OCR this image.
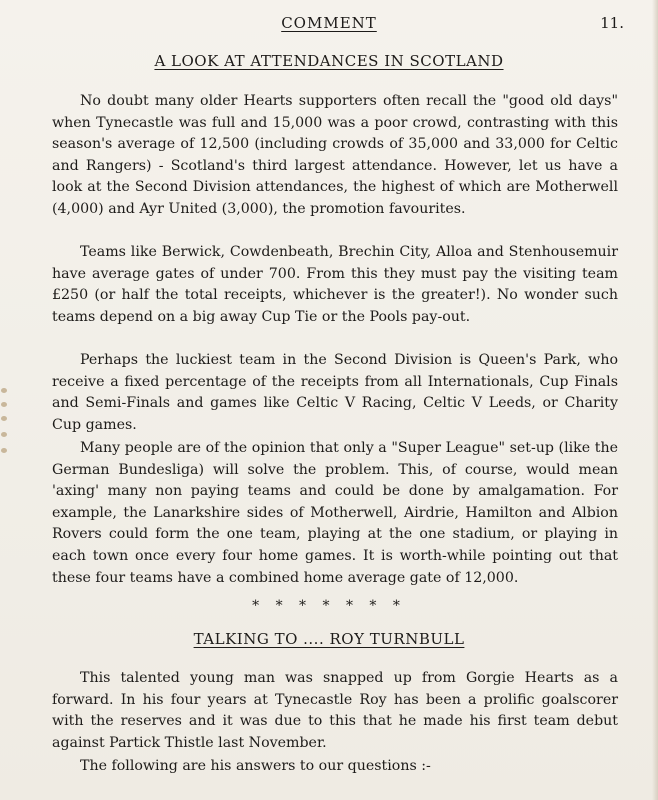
COMMENT	11.
A LOOK AT ATTENDANCES IN SCOTLAND

No doubt many older Hearts supporters often recall the "good old days" when Tynecastle was full and 15,000 was a poor crowd, contrasting with this season's average of 12,500 (including crowds of 35,000 and 33,000 for Celtic and Rangers) - Scotland's third largest attendance. However, let us have a look at the Second Division attendances, the highest of which are Motherwell (4,000) and Ayr United (3,000), the promotion favourites.

Teams like Berwick, Cowdenbeath, Brechin City, Alloa and Stenhousemuir have average gates of under 700. From this they must pay the visiting team £250 (or half the total receipts, whichever is the greater!). No wonder such teams depend on a big away Cup Tie or the Pools pay-out.

Perhaps the luckiest team in the Second Division is Queen's Park, who receive a fixed percentage of the receipts from all Internationals, Cup Finals and Semi-Finals and games like Celtic V Racing, Celtic V Leeds, or Charity Cup games.

Many people are of the opinion that only a "Super League" set-up (like the German Bundesliga) will solve the problem. This, of course, would mean 'axing' many non paying teams and could be done by amalgamation. For example, the Lanarkshire sides of Motherwell, Airdrie, Hamilton and Albion Rovers could form the one team, playing at the one stadium, or playing in each town once every four home games. It is worth-while pointing out that these four teams have a combined home average gate of 12,000.

* * * * * * *
TALKING TO .... ROY TURNBULL

This talented young man was snapped up from Gorgie Hearts as a forward. In his four years at Tynecastle Roy has been a prolific goalscorer with the reserves and it was due to this that he made his first team debut against Partick Thistle last November.

The following are his answers to our questions :-
